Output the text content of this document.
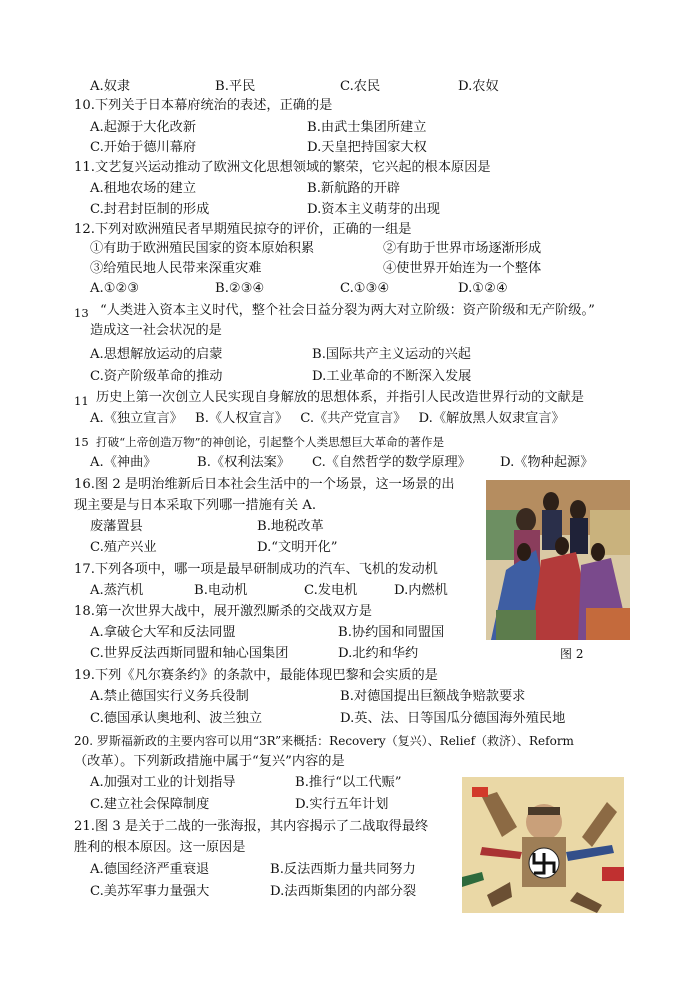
A.奴隶	B.平民	C.农民	D.农奴
10.下列关于日本幕府统治的表述，正确的是
A.起源于大化改新	B.由武士集团所建立
C.开始于德川幕府	D.天皇把持国家大权
11.文艺复兴运动推动了欧洲文化思想领域的繁荣，它兴起的根本原因是
A.租地农场的建立	B.新航路的开辟
C.封君封臣制的形成	D.资本主义萌芽的出现
12.下列对欧洲殖民者早期殖民掠夺的评价，正确的一组是
①有助于欧洲殖民国家的资本原始积累	②有助于世界市场逐渐形成
③给殖民地人民带来深重灾难	④使世界开始连为一个整体
A.①②③	B.②③④	C.①③④	D.①②④
13 “人类进入资本主义时代，整个社会日益分裂为两大对立阶级：资产阶级和无产阶级。”
造成这一社会状况的是
A.思想解放运动的启蒙	B.国际共产主义运动的兴起
C.资产阶级革命的推动	D.工业革命的不断深入发展
11 历史上第一次创立人民实现自身解放的思想体系，并指引人民改造世界行动的文献是
A.《独立宣言》 B.《人权宣言》 C.《共产党宣言》 D.《解放黑人奴隶宣言》
15 打破“上帝创造万物”的神创论，引起整个人类思想巨大革命的著作是
A.《神曲》	B.《权利法案》 C.《自然哲学的数学原理》 D.《物种起源》
16.图 2 是明治维新后日本社会生活中的一个场景，这一场景的出
现主要是与日本采取下列哪一措施有关 A.
废藩置县	B.地税改革
C.殖产兴业	D.“文明开化”
图 2
17.下列各项中，哪一项是最早研制成功的汽车、飞机的发动机
A.蒸汽机	B.电动机	C.发电机	D.内燃机
18.第一次世界大战中，展开激烈厮杀的交战双方是
A.拿破仑大军和反法同盟	B.协约国和同盟国
C.世界反法西斯同盟和轴心国集团	D.北约和华约
19.下列《凡尔赛条约》的条款中，最能体现巴黎和会实质的是
A.禁止德国实行义务兵役制	B.对德国提出巨额战争赔款要求
C.德国承认奥地利、波兰独立	D.英、法、日等国瓜分德国海外殖民地
20. 罗斯福新政的主要内容可以用“3R”来概括：Recovery（复兴）、Relief（救济）、Reform
（改革）。下列新政措施中属于“复兴”内容的是
A.加强对工业的计划指导	B.推行“以工代赈”
C.建立社会保障制度	D.实行五年计划
21.图 3 是关于二战的一张海报，其内容揭示了二战取得最终
胜利的根本原因。这一原因是
A.德国经济严重衰退	B.反法西斯力量共同努力
C.美苏军事力量强大	D.法西斯集团的内部分裂
